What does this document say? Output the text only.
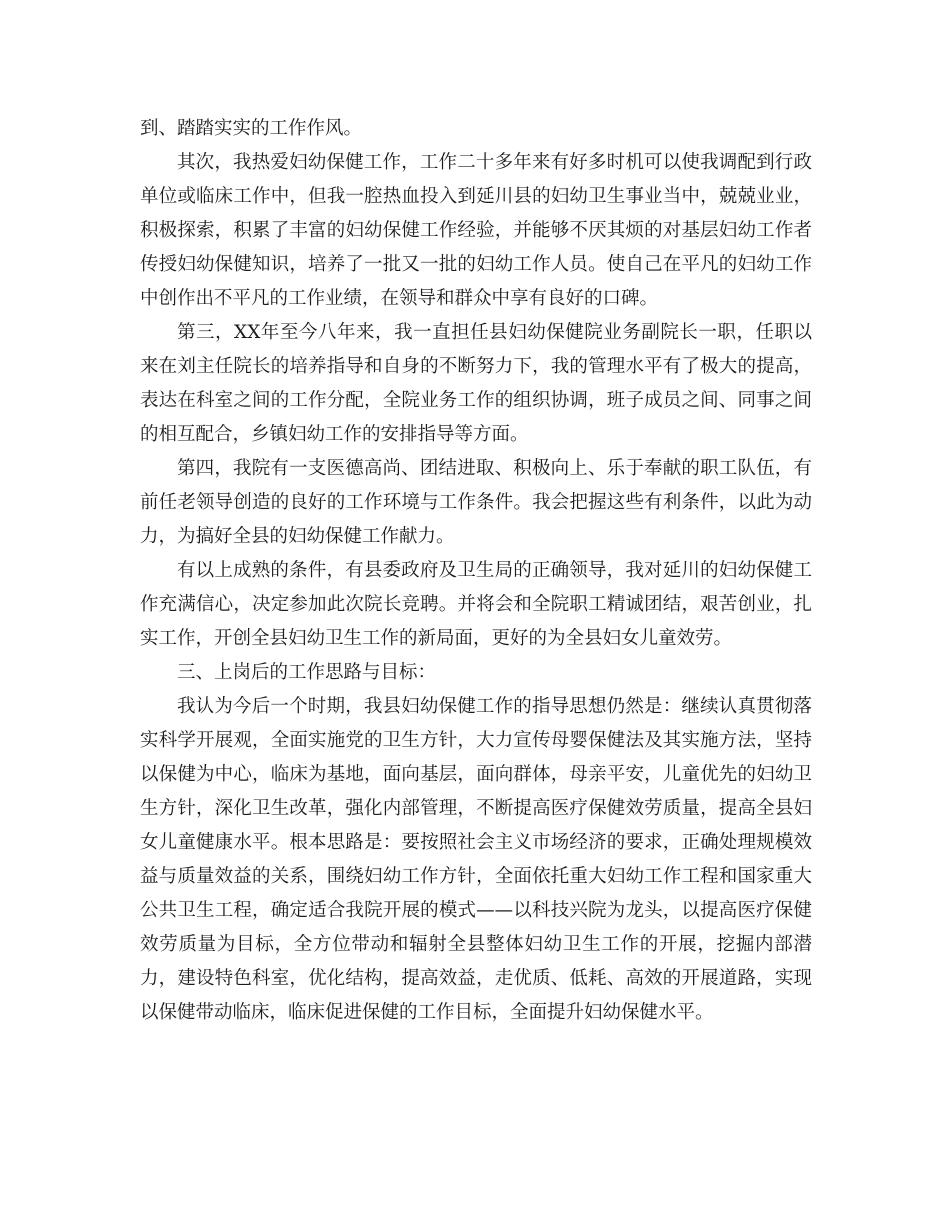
到、踏踏实实的工作作风。
其次，我热爱妇幼保健工作，工作二十多年来有好多时机可以使我调配到行政
单位或临床工作中，但我一腔热血投入到延川县的妇幼卫生事业当中，兢兢业业，
积极探索，积累了丰富的妇幼保健工作经验，并能够不厌其烦的对基层妇幼工作者
传授妇幼保健知识，培养了一批又一批的妇幼工作人员。使自己在平凡的妇幼工作
中创作出不平凡的工作业绩，在领导和群众中享有良好的口碑。
第三，XX年至今八年来，我一直担任县妇幼保健院业务副院长一职，任职以
来在刘主任院长的培养指导和自身的不断努力下，我的管理水平有了极大的提高，
表达在科室之间的工作分配，全院业务工作的组织协调，班子成员之间、同事之间
的相互配合，乡镇妇幼工作的安排指导等方面。
第四，我院有一支医德高尚、团结进取、积极向上、乐于奉献的职工队伍，有
前任老领导创造的良好的工作环境与工作条件。我会把握这些有利条件，以此为动
力，为搞好全县的妇幼保健工作献力。
有以上成熟的条件，有县委政府及卫生局的正确领导，我对延川的妇幼保健工
作充满信心，决定参加此次院长竞聘。并将会和全院职工精诚团结，艰苦创业，扎
实工作，开创全县妇幼卫生工作的新局面，更好的为全县妇女儿童效劳。
三、上岗后的工作思路与目标：
我认为今后一个时期，我县妇幼保健工作的指导思想仍然是：继续认真贯彻落
实科学开展观，全面实施党的卫生方针，大力宣传母婴保健法及其实施方法，坚持
以保健为中心，临床为基地，面向基层，面向群体，母亲平安，儿童优先的妇幼卫
生方针，深化卫生改革，强化内部管理，不断提高医疗保健效劳质量，提高全县妇
女儿童健康水平。根本思路是：要按照社会主义市场经济的要求，正确处理规模效
益与质量效益的关系，围绕妇幼工作方针，全面依托重大妇幼工作工程和国家重大
公共卫生工程，确定适合我院开展的模式——以科技兴院为龙头，以提高医疗保健
效劳质量为目标，全方位带动和辐射全县整体妇幼卫生工作的开展，挖掘内部潜
力，建设特色科室，优化结构，提高效益，走优质、低耗、高效的开展道路，实现
以保健带动临床，临床促进保健的工作目标，全面提升妇幼保健水平。
